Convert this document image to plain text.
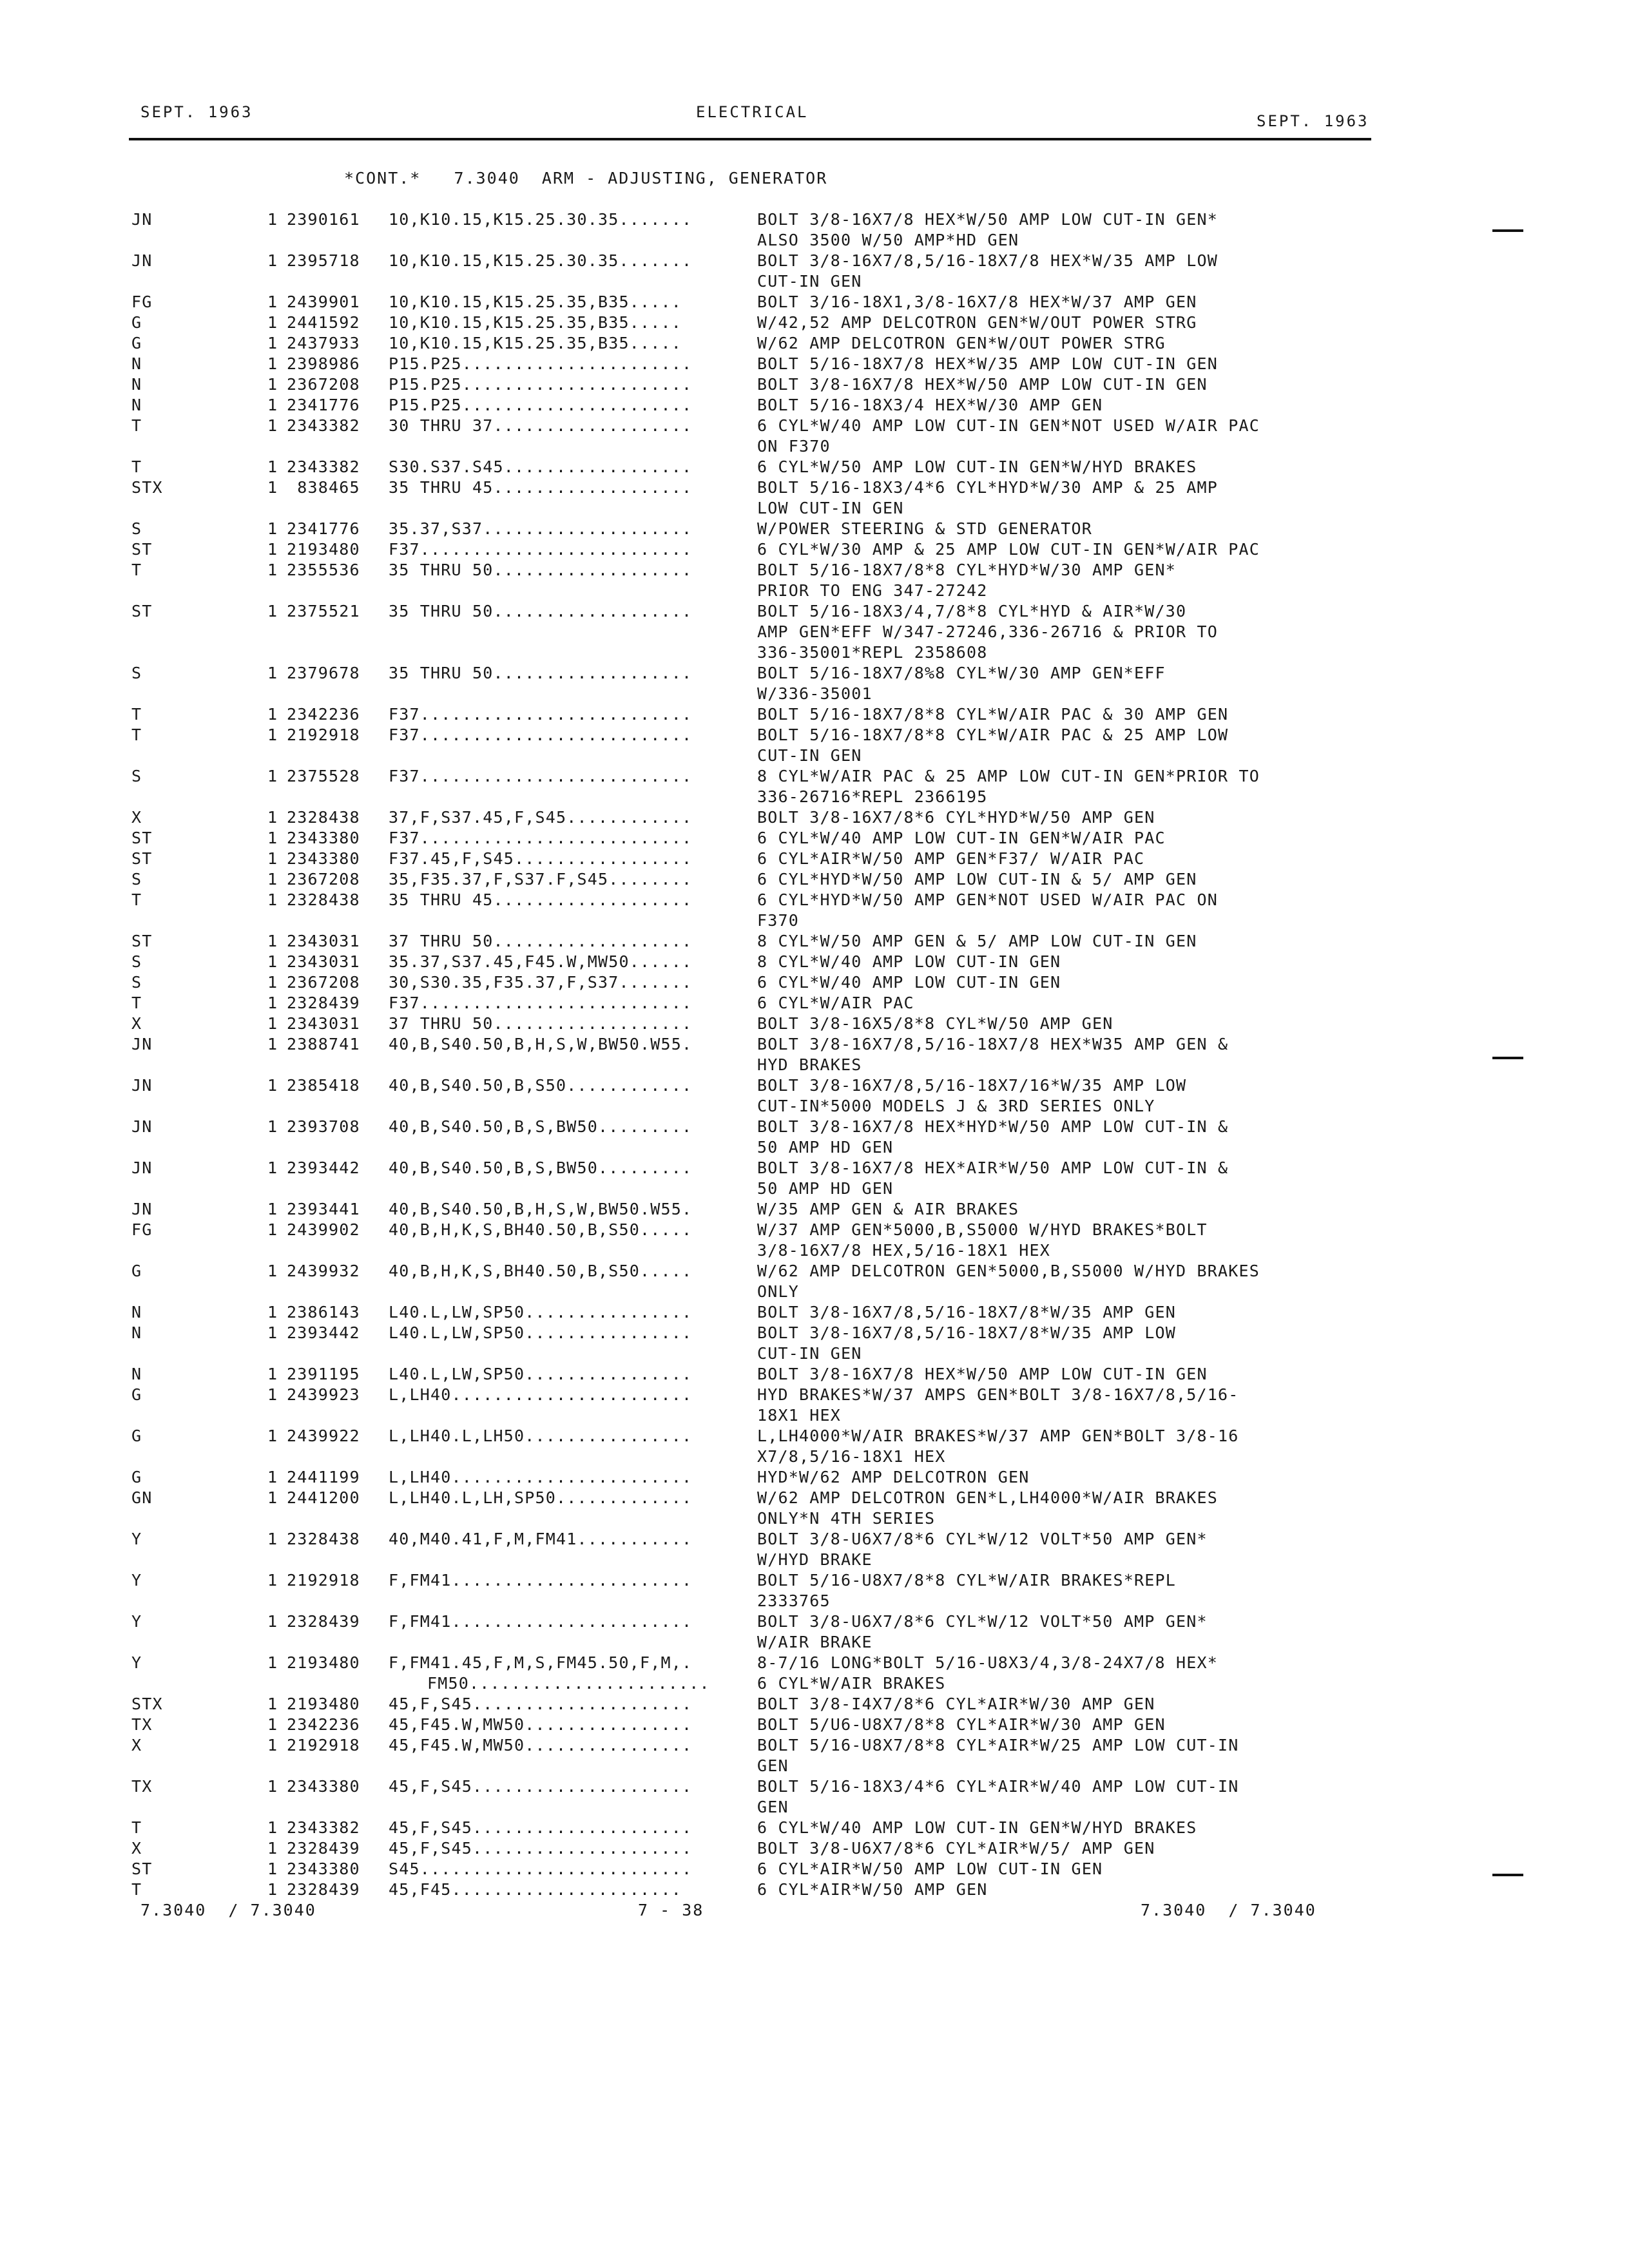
SEPT. 1963	ELECTRICAL	SEPT. 1963
*CONT.*   7.3040  ARM - ADJUSTING, GENERATOR
JN	1 2390161 10,K10.15,K15.25.30.35.......	BOLT 3/8-16X7/8 HEX*W/50 AMP LOW CUT-IN GEN*
ALSO 3500 W/50 AMP*HD GEN
JN	1 2395718 10,K10.15,K15.25.30.35.......	BOLT 3/8-16X7/8,5/16-18X7/8 HEX*W/35 AMP LOW
CUT-IN GEN
FG	1 2439901 10,K10.15,K15.25.35,B35.....	BOLT 3/16-18X1,3/8-16X7/8 HEX*W/37 AMP GEN
G	1 2441592 10,K10.15,K15.25.35,B35.....	W/42,52 AMP DELCOTRON GEN*W/OUT POWER STRG
G	1 2437933 10,K10.15,K15.25.35,B35.....	W/62 AMP DELCOTRON GEN*W/OUT POWER STRG
N	1 2398986 P15.P25......................	BOLT 5/16-18X7/8 HEX*W/35 AMP LOW CUT-IN GEN
N	1 2367208 P15.P25......................	BOLT 3/8-16X7/8 HEX*W/50 AMP LOW CUT-IN GEN
N	1 2341776 P15.P25......................	BOLT 5/16-18X3/4 HEX*W/30 AMP GEN
T	1 2343382 30 THRU 37...................	6 CYL*W/40 AMP LOW CUT-IN GEN*NOT USED W/AIR PAC
ON F370
T	1 2343382 S30.S37.S45..................	6 CYL*W/50 AMP LOW CUT-IN GEN*W/HYD BRAKES
STX	1 838465 35 THRU 45...................	BOLT 5/16-18X3/4*6 CYL*HYD*W/30 AMP & 25 AMP
LOW CUT-IN GEN
S	1 2341776 35.37,S37....................	W/POWER STEERING & STD GENERATOR
ST	1 2193480 F37..........................	6 CYL*W/30 AMP & 25 AMP LOW CUT-IN GEN*W/AIR PAC
T	1 2355536 35 THRU 50...................	BOLT 5/16-18X7/8*8 CYL*HYD*W/30 AMP GEN*
PRIOR TO ENG 347-27242
ST	1 2375521 35 THRU 50...................	BOLT 5/16-18X3/4,7/8*8 CYL*HYD & AIR*W/30
AMP GEN*EFF W/347-27246,336-26716 & PRIOR TO
336-35001*REPL 2358608
S	1 2379678 35 THRU 50...................	BOLT 5/16-18X7/8%8 CYL*W/30 AMP GEN*EFF
W/336-35001
T	1 2342236 F37..........................	BOLT 5/16-18X7/8*8 CYL*W/AIR PAC & 30 AMP GEN
T	1 2192918 F37..........................	BOLT 5/16-18X7/8*8 CYL*W/AIR PAC & 25 AMP LOW
CUT-IN GEN
S	1 2375528 F37..........................	8 CYL*W/AIR PAC & 25 AMP LOW CUT-IN GEN*PRIOR TO
336-26716*REPL 2366195
X	1 2328438 37,F,S37.45,F,S45............	BOLT 3/8-16X7/8*6 CYL*HYD*W/50 AMP GEN
ST	1 2343380 F37..........................	6 CYL*W/40 AMP LOW CUT-IN GEN*W/AIR PAC
ST	1 2343380 F37.45,F,S45.................	6 CYL*AIR*W/50 AMP GEN*F37/ W/AIR PAC
S	1 2367208 35,F35.37,F,S37.F,S45........	6 CYL*HYD*W/50 AMP LOW CUT-IN & 5/ AMP GEN
T	1 2328438 35 THRU 45...................	6 CYL*HYD*W/50 AMP GEN*NOT USED W/AIR PAC ON
F370
ST	1 2343031 37 THRU 50...................	8 CYL*W/50 AMP GEN & 5/ AMP LOW CUT-IN GEN
S	1 2343031 35.37,S37.45,F45.W,MW50......	8 CYL*W/40 AMP LOW CUT-IN GEN
S	1 2367208 30,S30.35,F35.37,F,S37.......	6 CYL*W/40 AMP LOW CUT-IN GEN
T	1 2328439 F37..........................	6 CYL*W/AIR PAC
X	1 2343031 37 THRU 50...................	BOLT 3/8-16X5/8*8 CYL*W/50 AMP GEN
JN	1 2388741 40,B,S40.50,B,H,S,W,BW50.W55.	BOLT 3/8-16X7/8,5/16-18X7/8 HEX*W35 AMP GEN &
HYD BRAKES
JN	1 2385418 40,B,S40.50,B,S50............	BOLT 3/8-16X7/8,5/16-18X7/16*W/35 AMP LOW
CUT-IN*5000 MODELS J & 3RD SERIES ONLY
JN	1 2393708 40,B,S40.50,B,S,BW50.........	BOLT 3/8-16X7/8 HEX*HYD*W/50 AMP LOW CUT-IN &
50 AMP HD GEN
JN	1 2393442 40,B,S40.50,B,S,BW50.........	BOLT 3/8-16X7/8 HEX*AIR*W/50 AMP LOW CUT-IN &
50 AMP HD GEN
JN	1 2393441 40,B,S40.50,B,H,S,W,BW50.W55.	W/35 AMP GEN & AIR BRAKES
FG	1 2439902 40,B,H,K,S,BH40.50,B,S50.....	W/37 AMP GEN*5000,B,S5000 W/HYD BRAKES*BOLT
3/8-16X7/8 HEX,5/16-18X1 HEX
G	1 2439932 40,B,H,K,S,BH40.50,B,S50.....	W/62 AMP DELCOTRON GEN*5000,B,S5000 W/HYD BRAKES
ONLY
N	1 2386143 L40.L,LW,SP50................	BOLT 3/8-16X7/8,5/16-18X7/8*W/35 AMP GEN
N	1 2393442 L40.L,LW,SP50................	BOLT 3/8-16X7/8,5/16-18X7/8*W/35 AMP LOW
CUT-IN GEN
N	1 2391195 L40.L,LW,SP50................	BOLT 3/8-16X7/8 HEX*W/50 AMP LOW CUT-IN GEN
G	1 2439923 L,LH40.......................	HYD BRAKES*W/37 AMPS GEN*BOLT 3/8-16X7/8,5/16-
18X1 HEX
G	1 2439922 L,LH40.L,LH50................	L,LH4000*W/AIR BRAKES*W/37 AMP GEN*BOLT 3/8-16
X7/8,5/16-18X1 HEX
G	1 2441199 L,LH40.......................	HYD*W/62 AMP DELCOTRON GEN
GN	1 2441200 L,LH40.L,LH,SP50.............	W/62 AMP DELCOTRON GEN*L,LH4000*W/AIR BRAKES
ONLY*N 4TH SERIES
Y	1 2328438 40,M40.41,F,M,FM41...........	BOLT 3/8-U6X7/8*6 CYL*W/12 VOLT*50 AMP GEN*
W/HYD BRAKE
Y	1 2192918 F,FM41.......................	BOLT 5/16-U8X7/8*8 CYL*W/AIR BRAKES*REPL
2333765
Y	1 2328439 F,FM41.......................	BOLT 3/8-U6X7/8*6 CYL*W/12 VOLT*50 AMP GEN*
W/AIR BRAKE
Y	1 2193480 F,FM41.45,F,M,S,FM45.50,F,M,.	8-7/16 LONG*BOLT 5/16-U8X3/4,3/8-24X7/8 HEX*
FM50.......................	6 CYL*W/AIR BRAKES
STX	1 2193480 45,F,S45.....................	BOLT 3/8-I4X7/8*6 CYL*AIR*W/30 AMP GEN
TX	1 2342236 45,F45.W,MW50................	BOLT 5/U6-U8X7/8*8 CYL*AIR*W/30 AMP GEN
X	1 2192918 45,F45.W,MW50................	BOLT 5/16-U8X7/8*8 CYL*AIR*W/25 AMP LOW CUT-IN
GEN
TX	1 2343380 45,F,S45.....................	BOLT 5/16-18X3/4*6 CYL*AIR*W/40 AMP LOW CUT-IN
GEN
T	1 2343382 45,F,S45.....................	6 CYL*W/40 AMP LOW CUT-IN GEN*W/HYD BRAKES
X	1 2328439 45,F,S45.....................	BOLT 3/8-U6X7/8*6 CYL*AIR*W/5/ AMP GEN
ST	1 2343380 S45..........................	6 CYL*AIR*W/50 AMP LOW CUT-IN GEN
T	1 2328439 45,F45......................	6 CYL*AIR*W/50 AMP GEN
7.3040  / 7.3040	7 - 38	7.3040  / 7.3040
